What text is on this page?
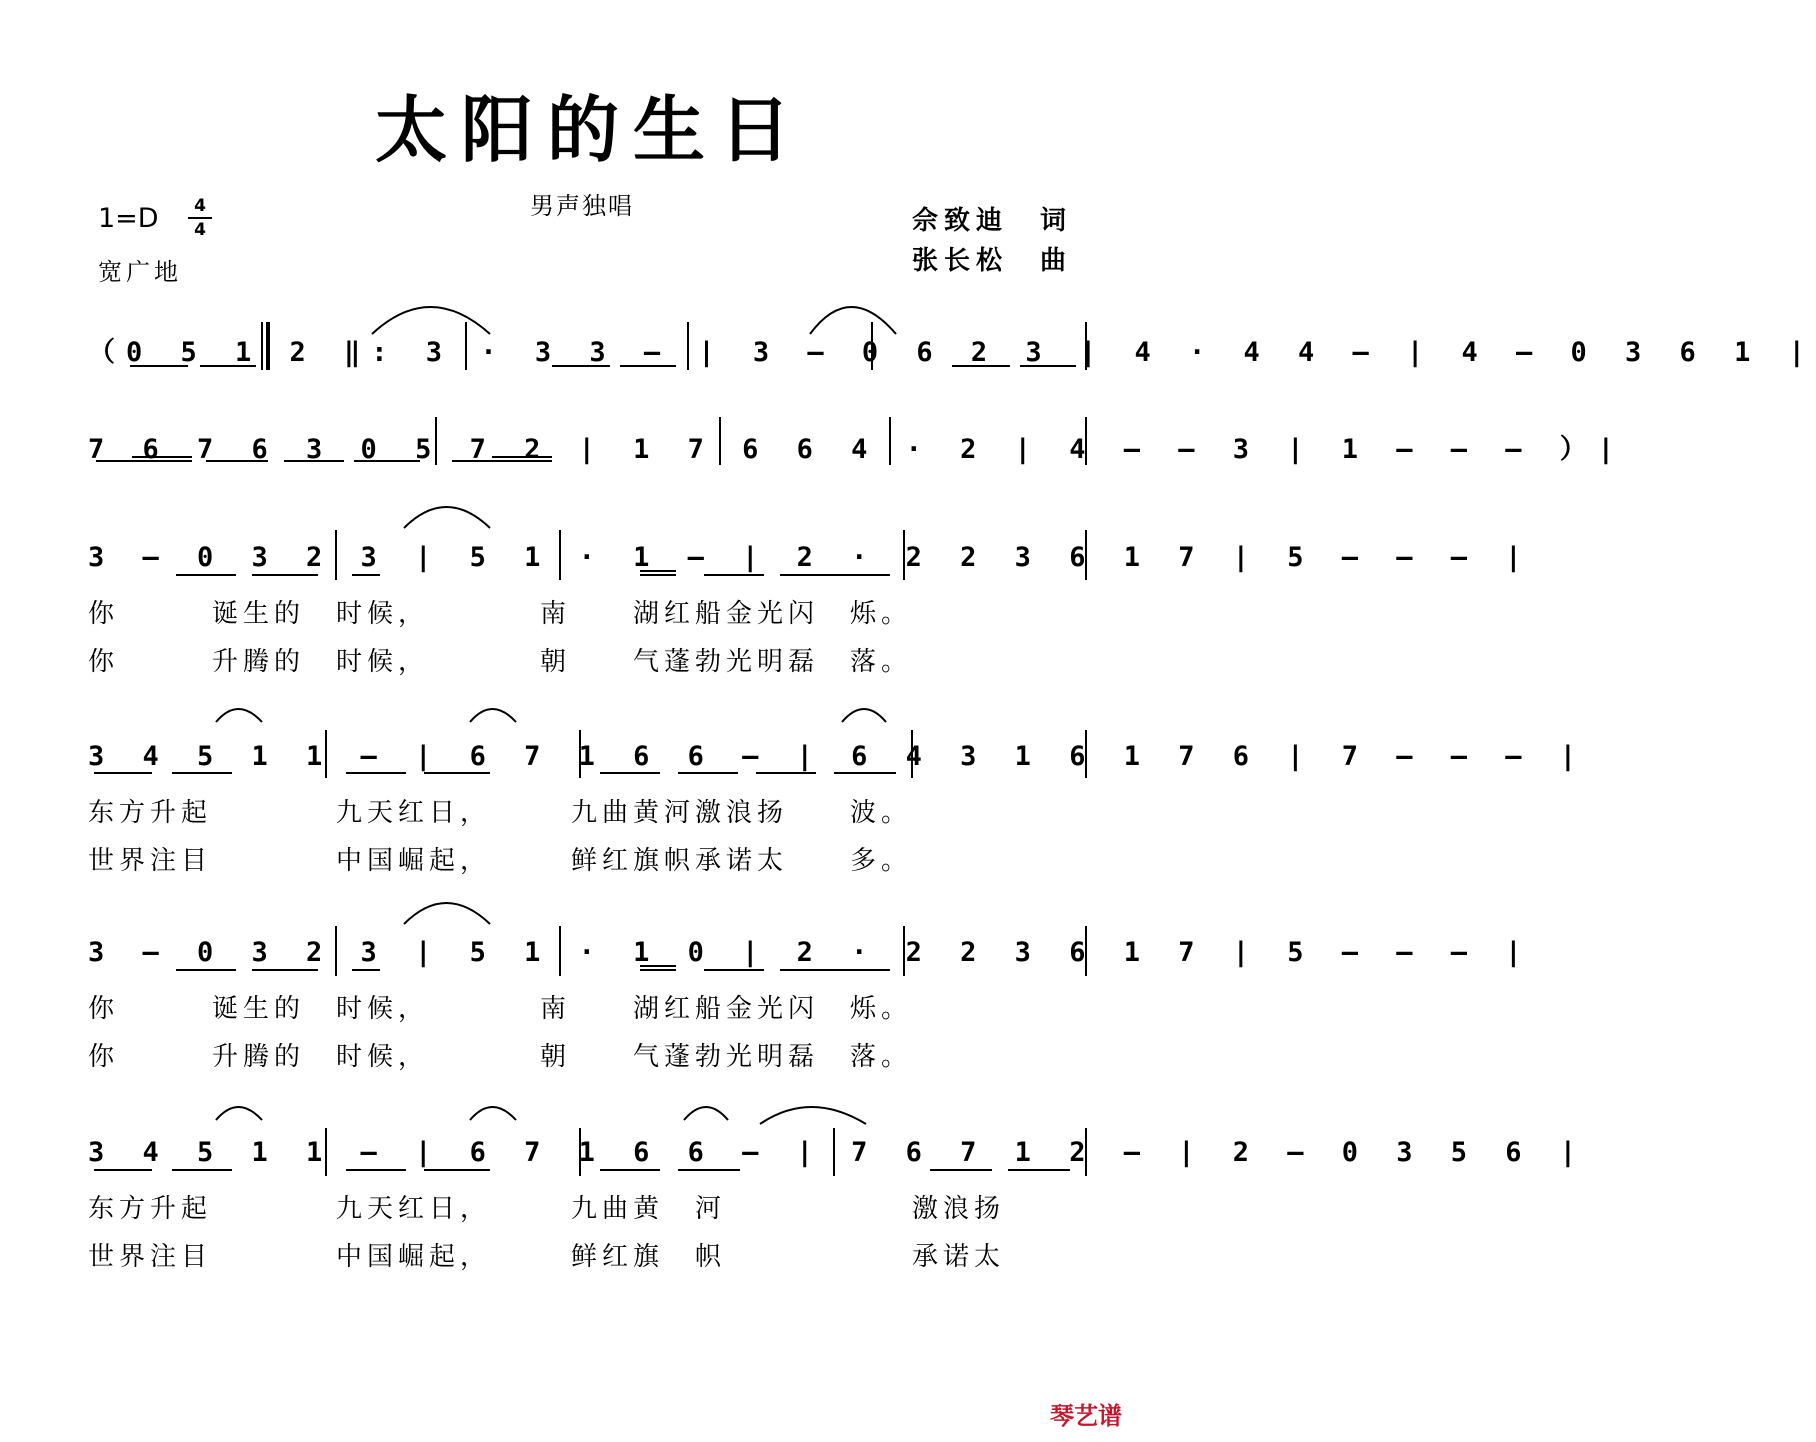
太阳的生日
男声独唱
1=D	4
4
宽广地
佘致迪　词
张长松　曲
（0 5 1 2 ‖: 3 · 3 3 – | 3 – 0 6 2 3 | 4 · 4 4 – | 4 – 0 3 6 1 |
7 6 7 6 3 0 5 7 2 | 1 7 6 6 4 · 2 | 4 – – 3 | 1 – – – ）|
3 – 0 3 2 3 | 5 1 · 1 – | 2 · 2 2 3 6 1 7 | 5 – – – |
3 4 5 1 1 – | 6 7 1 6 6 – | 6 4 3 1 6 1 7 6 | 7 – – – |
3 – 0 3 2 3 | 5 1 · 1 0 | 2 · 2 2 3 6 1 7 | 5 – – – |
3 4 5 1 1 – | 6 7 1 6 6 – | 7 6 7 1 2 – | 2 – 0 3 5 6 |
你　　　诞生的　时候，　　　　南　　湖红船金光闪　烁。
你　　　升腾的　时候，　　　　朝　　气蓬勃光明磊　落。
东方升起　　　　九天红日，　　　九曲黄河激浪扬　　波。
世界注目　　　　中国崛起，　　　鲜红旗帜承诺太　　多。
你　　　诞生的　时候，　　　　南　　湖红船金光闪　烁。
你　　　升腾的　时候，　　　　朝　　气蓬勃光明磊　落。
东方升起　　　　九天红日，　　　九曲黄　河　　　　　　激浪扬
世界注目　　　　中国崛起，　　　鲜红旗　帜　　　　　　承诺太
琴艺谱
